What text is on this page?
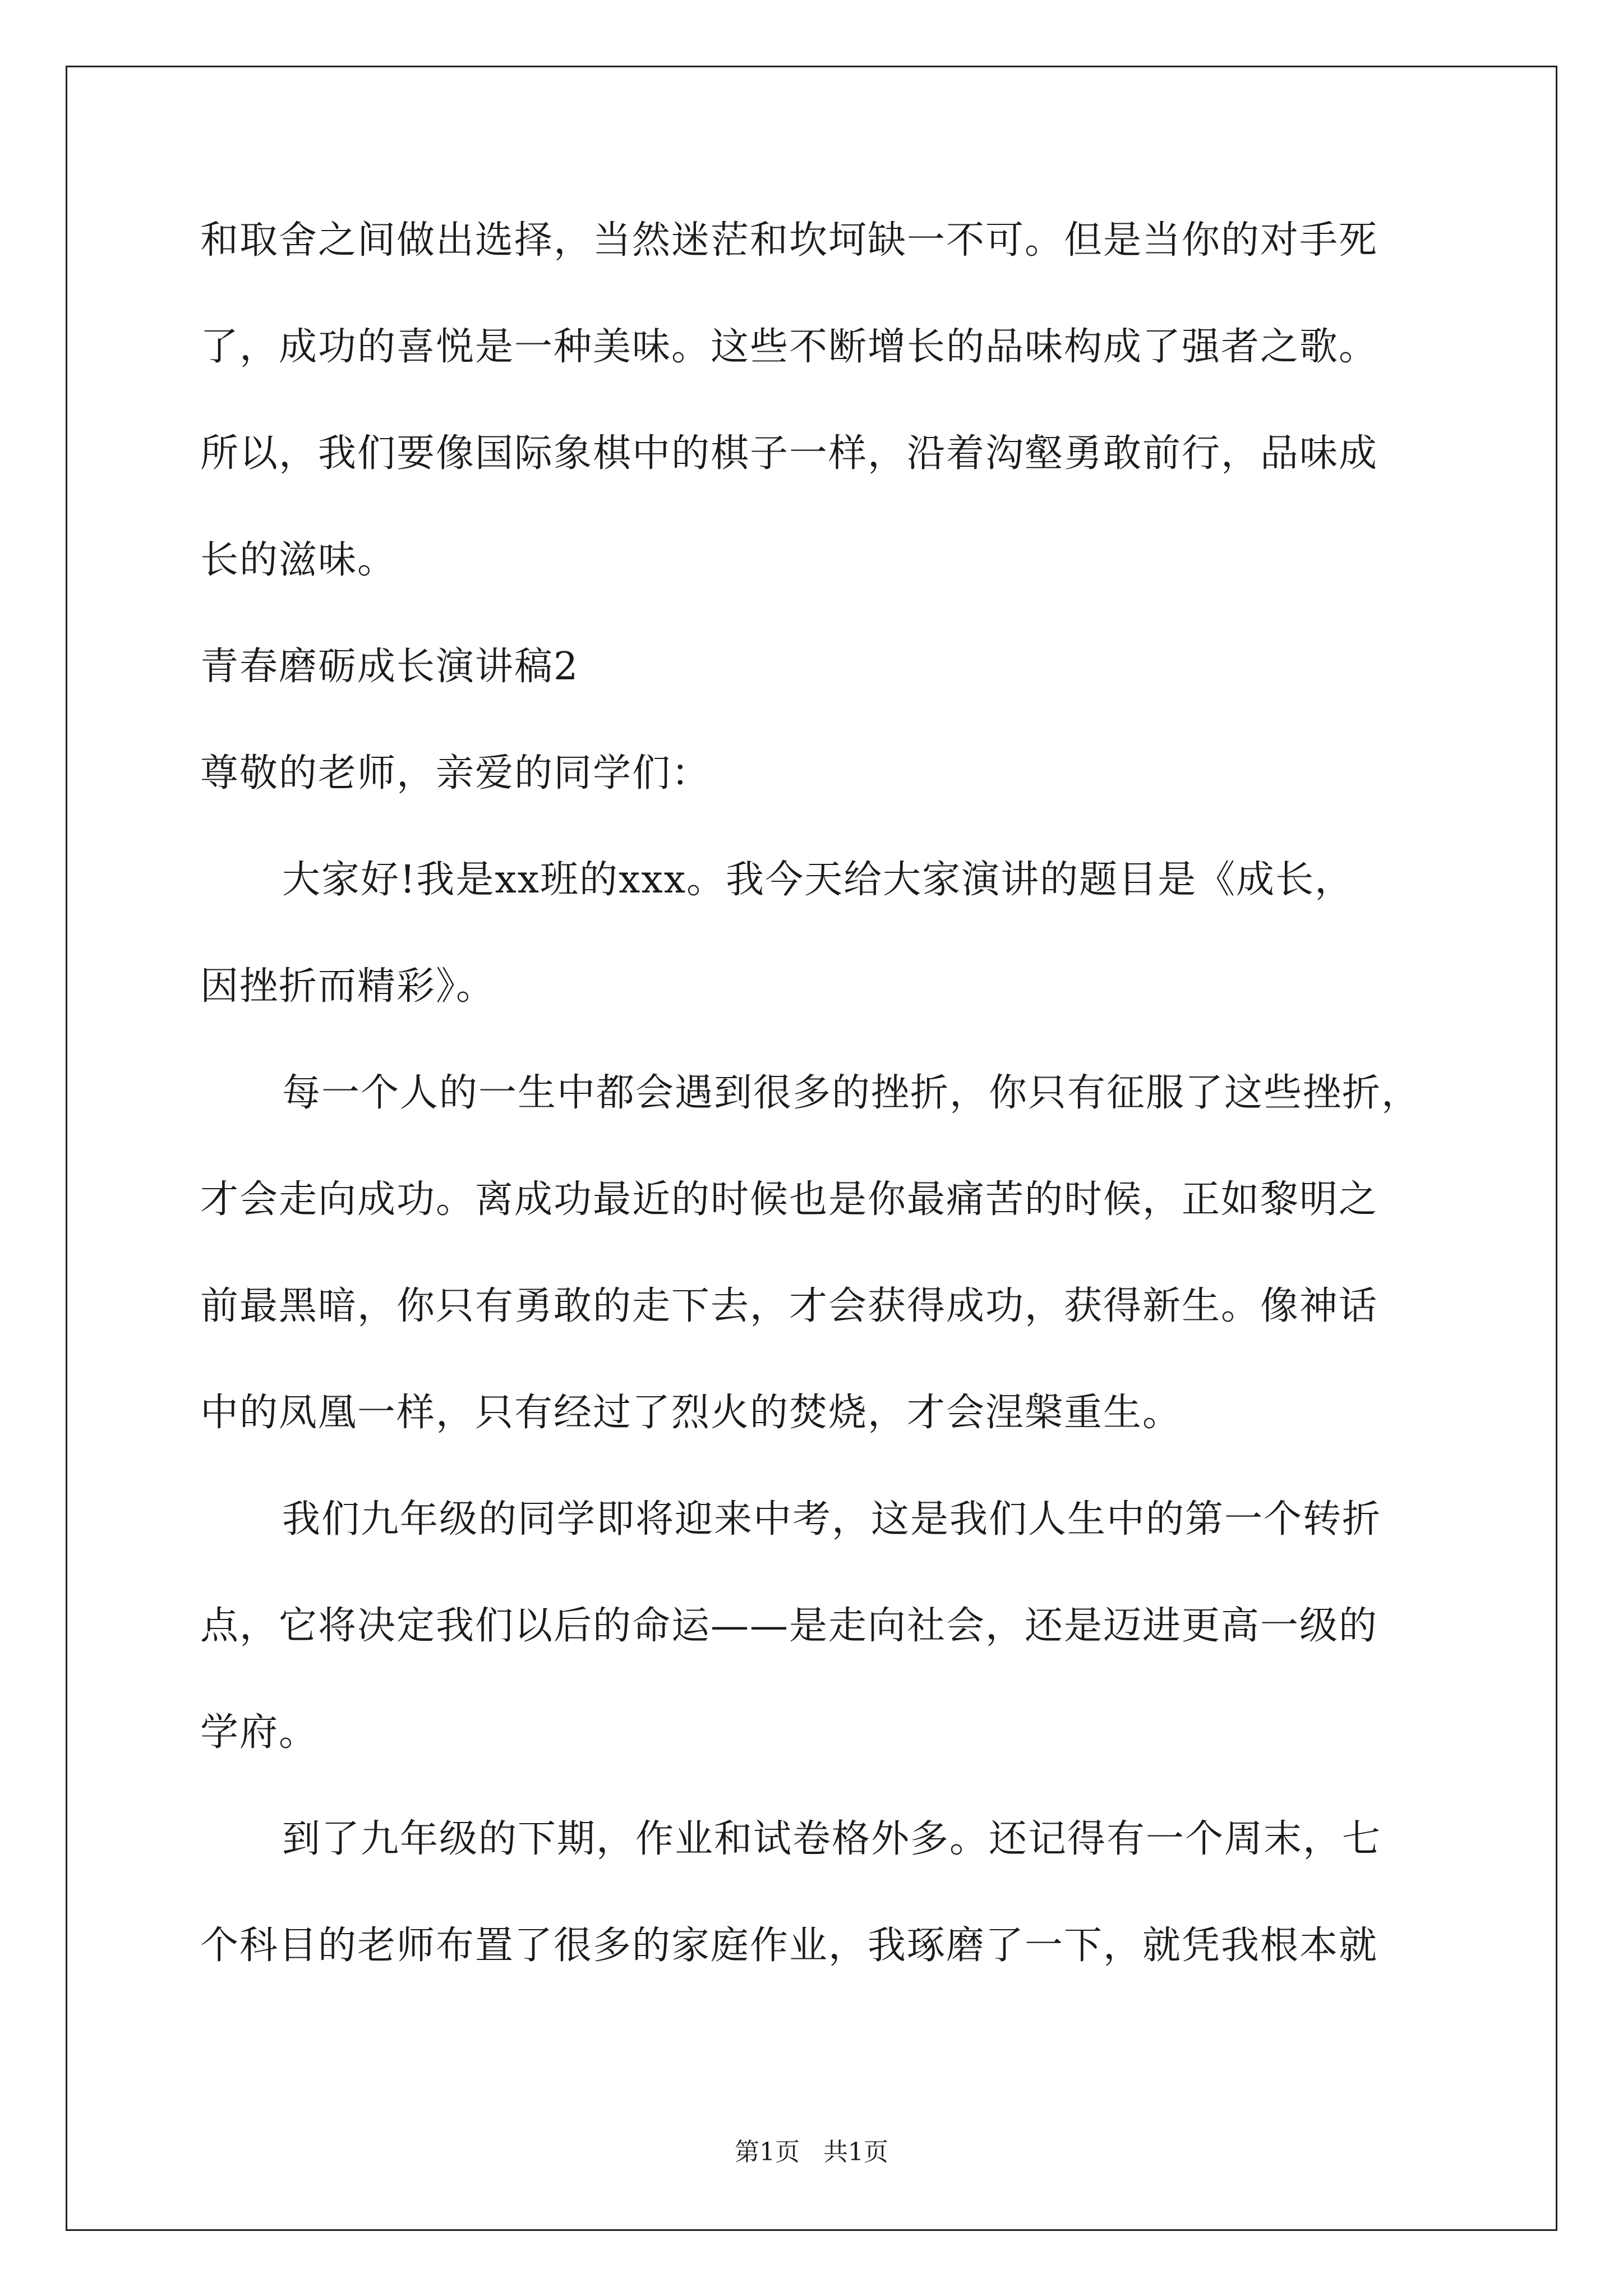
和取舍之间做出选择，当然迷茫和坎坷缺一不可。但是当你的对手死
了，成功的喜悦是一种美味。这些不断增长的品味构成了强者之歌。
所以，我们要像国际象棋中的棋子一样，沿着沟壑勇敢前行，品味成
长的滋味。
青春磨砺成长演讲稿2
尊敬的老师，亲爱的同学们：
大家好!我是xx班的xxx。我今天给大家演讲的题目是《成长，
因挫折而精彩》。
每一个人的一生中都会遇到很多的挫折，你只有征服了这些挫折，
才会走向成功。离成功最近的时候也是你最痛苦的时候，正如黎明之
前最黑暗，你只有勇敢的走下去，才会获得成功，获得新生。像神话
中的凤凰一样，只有经过了烈火的焚烧，才会涅槃重生。
我们九年级的同学即将迎来中考，这是我们人生中的第一个转折
点，它将决定我们以后的命运——是走向社会，还是迈进更高一级的
学府。
到了九年级的下期，作业和试卷格外多。还记得有一个周末，七
个科目的老师布置了很多的家庭作业，我琢磨了一下，就凭我根本就
第1页   共1页
